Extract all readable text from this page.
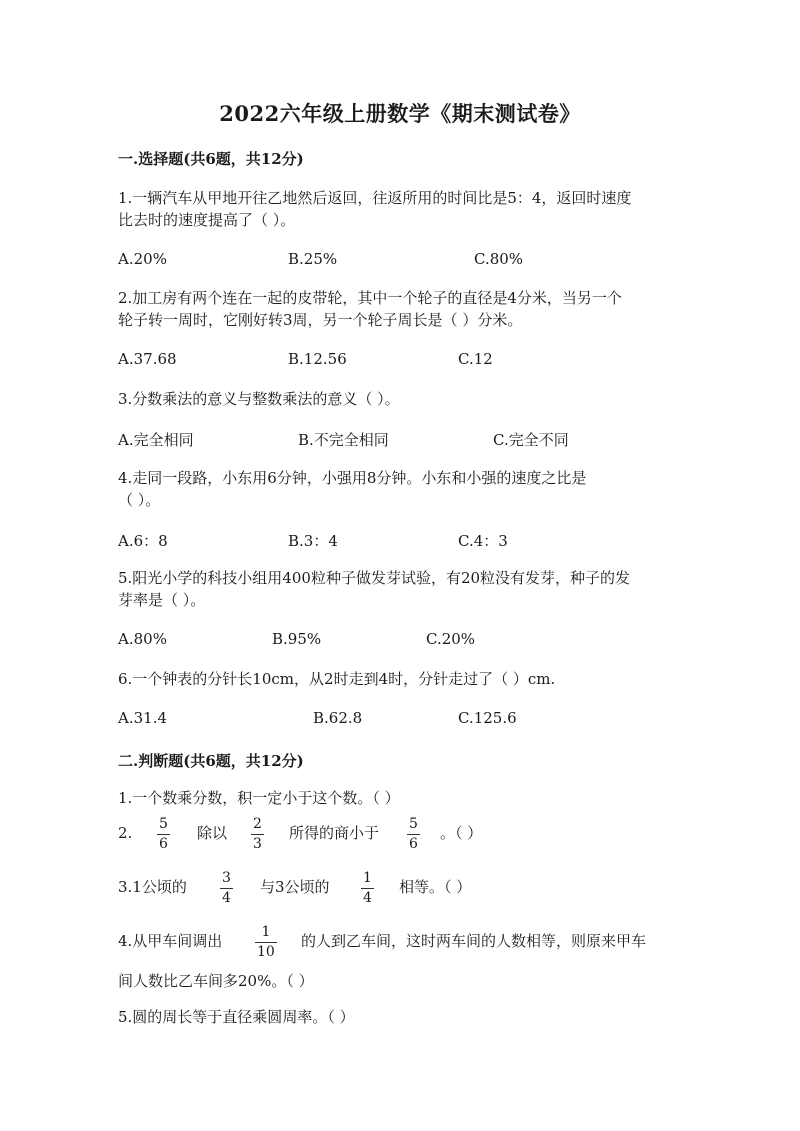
2022六年级上册数学《期末测试卷》
一.选择题(共6题，共12分)
1.一辆汽车从甲地开往乙地然后返回，往返所用的时间比是5：4，返回时速度
比去时的速度提高了（ ）。
A.20%	B.25%	C.80%
2.加工房有两个连在一起的皮带轮，其中一个轮子的直径是4分米，当另一个
轮子转一周时，它刚好转3周，另一个轮子周长是（ ）分米。
A.37.68	B.12.56	C.12
3.分数乘法的意义与整数乘法的意义（ ）。
A.完全相同	B.不完全相同	C.完全不同
4.走同一段路，小东用6分钟，小强用8分钟。小东和小强的速度之比是
（ ）。
A.6：8	B.3：4	C.4：3
5.阳光小学的科技小组用400粒种子做发芽试验，有20粒没有发芽，种子的发
芽率是（ ）。
A.80%	B.95%	C.20%
6.一个钟表的分针长10cm，从2时走到4时，分针走过了（ ）cm.
A.31.4	B.62.8	C.125.6
二.判断题(共6题，共12分)
1.一个数乘分数，积一定小于这个数。（ ）
2. 5
6
除以 2
3
所得的商小于 5
6
。（ ）
3.1公顷的	3
4
与3公顷的 1
4
相等。（ ）
4.从甲车间调出	1
10
的人到乙车间，这时两车间的人数相等，则原来甲车
间人数比乙车间多20%。（ ）
5.圆的周长等于直径乘圆周率。（ ）
